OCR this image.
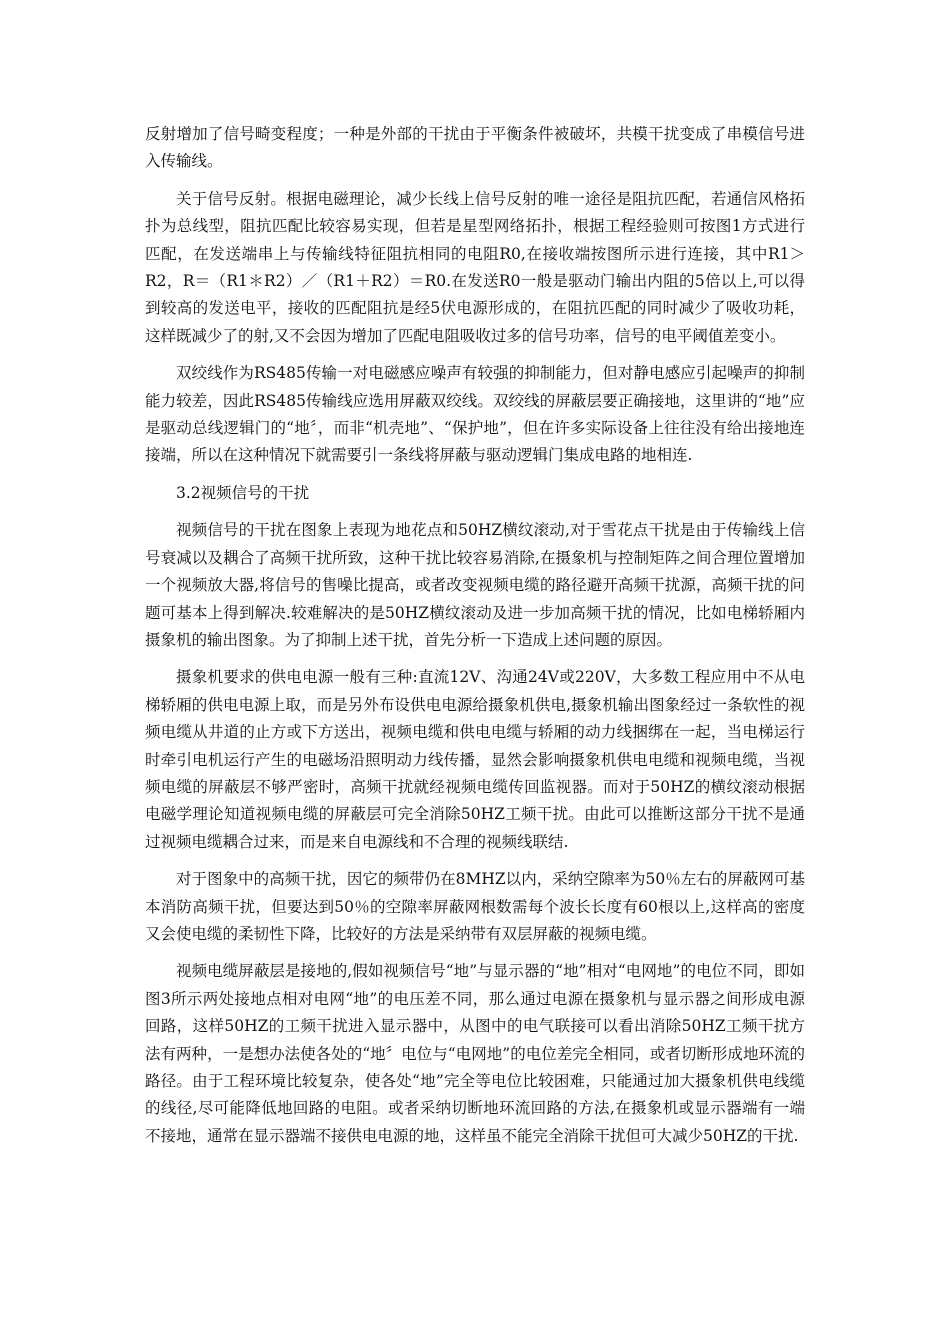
反射增加了信号畸变程度；一种是外部的干扰由于平衡条件被破坏，共模干扰变成了串模信号进入传输线。

关于信号反射。根据电磁理论，减少长线上信号反射的唯一途径是阻抗匹配，若通信风格拓扑为总线型，阻抗匹配比较容易实现，但若是星型网络拓扑，根据工程经验则可按图1方式进行匹配，在发送端串上与传输线特征阻抗相同的电阻R0,在接收端按图所示进行连接，其中R1＞R2，R＝（R1＊R2）／（R1＋R2）＝R0.在发送R0一般是驱动门输出内阻的5倍以上,可以得到较高的发送电平，接收的匹配阻抗是经5伏电源形成的，在阻抗匹配的同时减少了吸收功耗，这样既减少了的射,又不会因为增加了匹配电阻吸收过多的信号功率，信号的电平阈值差变小。

双绞线作为RS485传输一对电磁感应噪声有较强的抑制能力，但对静电感应引起噪声的抑制能力较差，因此RS485传输线应选用屏蔽双绞线。双绞线的屏蔽层要正确接地，这里讲的“地”应是驱动总线逻辑门的“地〞，而非“机壳地”、“保护地”，但在许多实际设备上往往没有给出接地连接端，所以在这种情况下就需要引一条线将屏蔽与驱动逻辑门集成电路的地相连.

3.2视频信号的干扰

视频信号的干扰在图象上表现为地花点和50HZ横纹滚动,对于雪花点干扰是由于传输线上信号衰减以及耦合了高频干扰所致，这种干扰比较容易消除,在摄象机与控制矩阵之间合理位置增加一个视频放大器,将信号的售噪比提高，或者改变视频电缆的路径避开高频干扰源，高频干扰的问题可基本上得到解决.较难解决的是50HZ横纹滚动及进一步加高频干扰的情况，比如电梯轿厢内摄象机的输出图象。为了抑制上述干扰，首先分析一下造成上述问题的原因。

摄象机要求的供电电源一般有三种:直流12V、沟通24V或220V，大多数工程应用中不从电梯轿厢的供电电源上取，而是另外布设供电电源给摄象机供电,摄象机输出图象经过一条软性的视频电缆从井道的止方或下方送出，视频电缆和供电电缆与轿厢的动力线捆绑在一起，当电梯运行时牵引电机运行产生的电磁场沿照明动力线传播，显然会影响摄象机供电电缆和视频电缆，当视频电缆的屏蔽层不够严密时，高频干扰就经视频电缆传回监视器。而对于50HZ的横纹滚动根据电磁学理论知道视频电缆的屏蔽层可完全消除50HZ工频干扰。由此可以推断这部分干扰不是通过视频电缆耦合过来，而是来自电源线和不合理的视频线联结.

对于图象中的高频干扰，因它的频带仍在8MHZ以内，采纳空隙率为50％左右的屏蔽网可基本消防高频干扰，但要达到50％的空隙率屏蔽网根数需每个波长长度有60根以上,这样高的密度又会使电缆的柔韧性下降，比较好的方法是采纳带有双层屏蔽的视频电缆。

视频电缆屏蔽层是接地的,假如视频信号“地”与显示器的“地”相对“电网地”的电位不同，即如图3所示两处接地点相对电网“地”的电压差不同，那么通过电源在摄象机与显示器之间形成电源回路，这样50HZ的工频干扰进入显示器中，从图中的电气联接可以看出消除50HZ工频干扰方法有两种，一是想办法使各处的“地〞电位与“电网地”的电位差完全相同，或者切断形成地环流的路径。由于工程环境比较复杂，使各处“地”完全等电位比较困难，只能通过加大摄象机供电线缆的线径,尽可能降低地回路的电阻。或者采纳切断地环流回路的方法,在摄象机或显示器端有一端不接地，通常在显示器端不接供电电源的地，这样虽不能完全消除干扰但可大减少50HZ的干扰.
